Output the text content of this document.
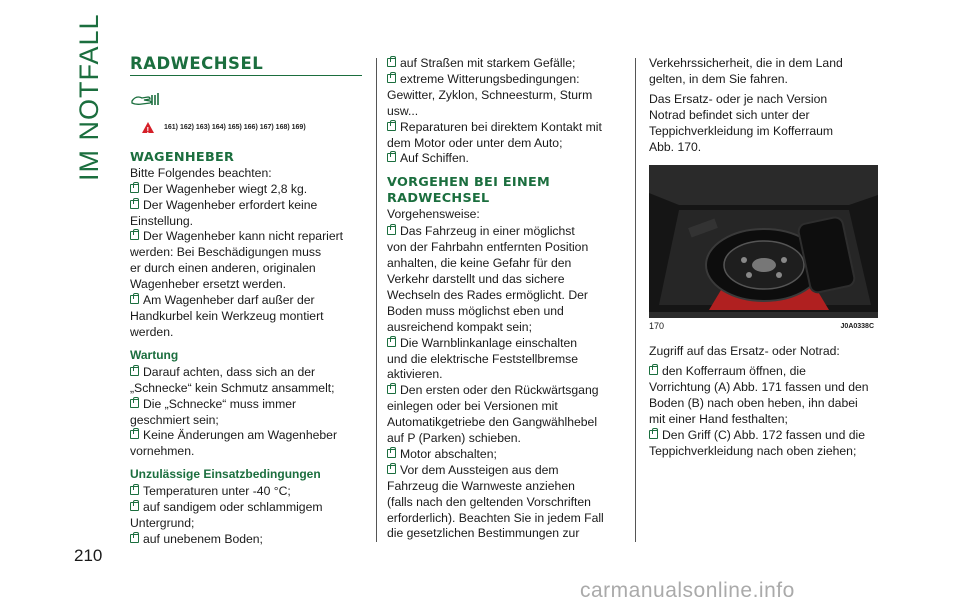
IM NOTFALL
210
RADWECHSEL
!
161) 162) 163) 164) 165) 166) 167) 168) 169)
WAGENHEBER
Bitte Folgendes beachten:
Der Wagenheber wiegt 2,8 kg.
Der Wagenheber erfordert keine
Einstellung.
Der Wagenheber kann nicht repariert
werden: Bei Beschädigungen muss
er durch einen anderen, originalen
Wagenheber ersetzt werden.
Am Wagenheber darf außer der
Handkurbel kein Werkzeug montiert
werden.
Wartung
Darauf achten, dass sich an der
„Schnecke“ kein Schmutz ansammelt;
Die „Schnecke“ muss immer
geschmiert sein;
Keine Änderungen am Wagenheber
vornehmen.
Unzulässige Einsatzbedingungen
Temperaturen unter -40 °C;
auf sandigem oder schlammigem
Untergrund;
auf unebenem Boden;
auf Straßen mit starkem Gefälle;
extreme Witterungsbedingungen:
Gewitter, Zyklon, Schneesturm, Sturm
usw...
Reparaturen bei direktem Kontakt mit
dem Motor oder unter dem Auto;
Auf Schiffen.
VORGEHEN BEI EINEM
RADWECHSEL
Vorgehensweise:
Das Fahrzeug in einer möglichst
von der Fahrbahn entfernten Position
anhalten, die keine Gefahr für den
Verkehr darstellt und das sichere
Wechseln des Rades ermöglicht. Der
Boden muss möglichst eben und
ausreichend kompakt sein;
Die Warnblinkanlage einschalten
und die elektrische Feststellbremse
aktivieren.
Den ersten oder den Rückwärtsgang
einlegen oder bei Versionen mit
Automatikgetriebe den Gangwählhebel
auf P (Parken) schieben.
Motor abschalten;
Vor dem Aussteigen aus dem
Fahrzeug die Warnweste anziehen
(falls nach den geltenden Vorschriften
erforderlich). Beachten Sie in jedem Fall
die gesetzlichen Bestimmungen zur
Verkehrssicherheit, die in dem Land
gelten, in dem Sie fahren.
Das Ersatz- oder je nach Version
Notrad befindet sich unter der
Teppichverkleidung im Kofferraum
Abb. 170.
170	J0A0338C
Zugriff auf das Ersatz- oder Notrad:
den Kofferraum öffnen, die
Vorrichtung (A) Abb. 171 fassen und den
Boden (B) nach oben heben, ihn dabei
mit einer Hand festhalten;
Den Griff (C) Abb. 172 fassen und die
Teppichverkleidung nach oben ziehen;
carmanualsonline.info
